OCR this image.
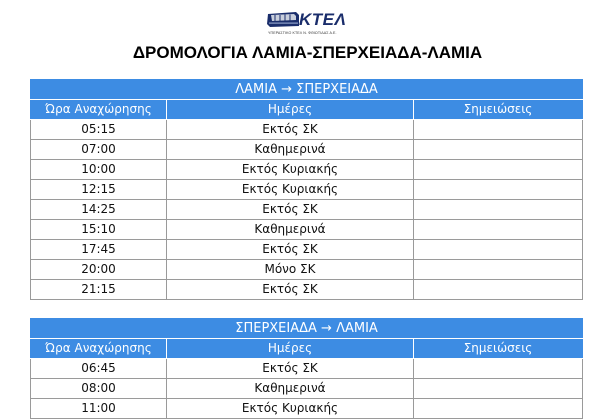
ΚΤΕΛ
ΥΠΕΡΑΣΤΙΚΟ ΚΤΕΛ Ν. ΦΘΙΩΤΙΔΑΣ Α.Ε.
ΔΡΟΜΟΛΟΓΙΑ ΛΑΜΙΑ-ΣΠΕΡΧΕΙΑΔΑ-ΛΑΜΙΑ
ΛΑΜΙΑ → ΣΠΕΡΧΕΙΑΔΑ		
Ώρα Αναχώρησης	Ημέρες	Σημειώσεις
05:15	Εκτός ΣΚ	
07:00	Καθημερινά	
10:00	Εκτός Κυριακής	
12:15	Εκτός Κυριακής	
14:25	Εκτός ΣΚ	
15:10	Καθημερινά	
17:45	Εκτός ΣΚ	
20:00	Μόνο ΣΚ	
21:15	Εκτός ΣΚ	
ΣΠΕΡΧΕΙΑΔΑ → ΛΑΜΙΑ		
Ώρα Αναχώρησης	Ημέρες	Σημειώσεις
06:45	Εκτός ΣΚ	
08:00	Καθημερινά	
11:00	Εκτός Κυριακής	
